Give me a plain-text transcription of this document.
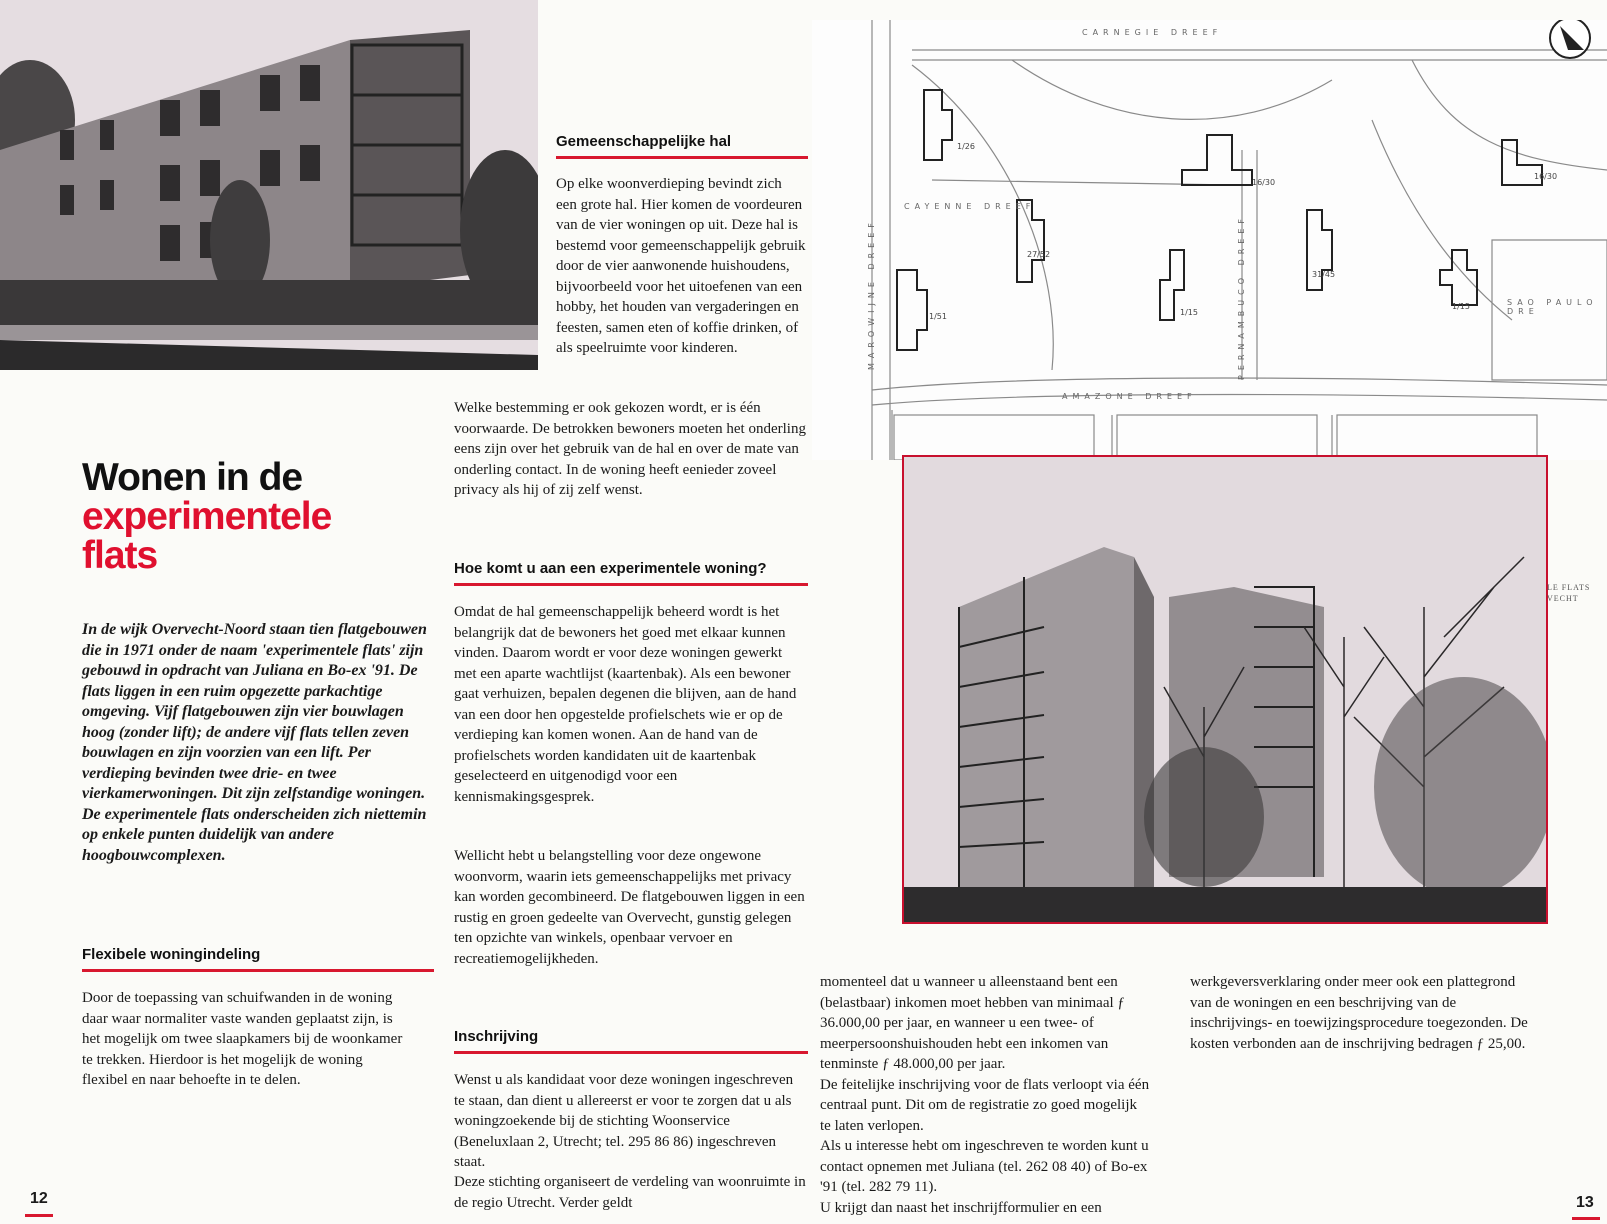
CARNEGIE DREEF
CAYENNE DREEF
MAROWIJNE DREEF	PERNAMBUCO DREEF
AMAZONE DREEF
SAO PAULO DRE
1/26
16/30
27/52
1/51	1/15
31/45
16/30
1/15
LE FLATS
VECHT
Wonen in de
experimentele
flats

In de wijk Overvecht-Noord staan tien flatgebouwen die in 1971 onder de naam 'experimentele flats' zijn gebouwd in opdracht van Juliana en Bo-ex '91. De flats liggen in een ruim opgezette parkachtige omgeving. Vijf flatgebouwen zijn vier bouwlagen hoog (zonder lift); de andere vijf flats tellen zeven bouwlagen en zijn voorzien van een lift. Per verdieping bevinden twee drie- en twee vierkamerwoningen. Dit zijn zelfstandige woningen. De experimentele flats onderscheiden zich niettemin op enkele punten duidelijk van andere hoogbouwcomplexen.

Flexibele woningindeling

Door de toepassing van schuifwanden in de woning daar waar normaliter vaste wanden geplaatst zijn, is het mogelijk om twee slaapkamers bij de woonkamer te trekken. Hierdoor is het mogelijk de woning flexibel en naar behoefte in te delen.

Gemeenschappelijke hal

Op elke woonverdieping bevindt zich een grote hal. Hier komen de voordeuren van de vier woningen op uit. Deze hal is bestemd voor gemeenschappelijk gebruik door de vier aanwonende huishoudens, bijvoorbeeld voor het uitoefenen van een hobby, het houden van vergaderingen en feesten, samen eten of koffie drinken, of als speelruimte voor kinderen.

Welke bestemming er ook gekozen wordt, er is één voorwaarde. De betrokken bewoners moeten het onderling eens zijn over het gebruik van de hal en over de mate van onderling contact. In de woning heeft eenieder zoveel privacy als hij of zij zelf wenst.

Hoe komt u aan een experimentele woning?

Omdat de hal gemeenschappelijk beheerd wordt is het belangrijk dat de bewoners het goed met elkaar kunnen vinden. Daarom wordt er voor deze woningen gewerkt met een aparte wachtlijst (kaartenbak). Als een bewoner gaat verhuizen, bepalen degenen die blijven, aan de hand van een door hen opgestelde profielschets wie er op de verdieping kan komen wonen. Aan de hand van de profielschets worden kandidaten uit de kaartenbak geselecteerd en uitgenodigd voor een kennismakingsgesprek.

Wellicht hebt u belangstelling voor deze ongewone woonvorm, waarin iets gemeenschappelijks met privacy kan worden gecombineerd. De flatgebouwen liggen in een rustig en groen gedeelte van Overvecht, gunstig gelegen ten opzichte van winkels, openbaar vervoer en recreatiemogelijkheden.

Inschrijving

Wenst u als kandidaat voor deze woningen ingeschreven te staan, dan dient u allereerst er voor te zorgen dat u als woningzoekende bij de stichting Woonservice (Beneluxlaan 2, Utrecht; tel. 295 86 86) ingeschreven staat.

Deze stichting organiseert de verdeling van woonruimte in de regio Utrecht. Verder geldt

momenteel dat u wanneer u alleenstaand bent een (belastbaar) inkomen moet hebben van minimaal ƒ 36.000,00 per jaar, en wanneer u een twee- of meerpersoonshuishouden hebt een inkomen van tenminste ƒ 48.000,00 per jaar.

De feitelijke inschrijving voor de flats verloopt via één centraal punt. Dit om de registratie zo goed mogelijk te laten verlopen.

Als u interesse hebt om ingeschreven te worden kunt u contact opnemen met Juliana (tel. 262 08 40) of Bo-ex '91 (tel. 282 79 11).

U krijgt dan naast het inschrijfformulier en een

werkgeversverklaring onder meer ook een plattegrond van de woningen en een beschrijving van de inschrijvings- en toewijzingsprocedure toegezonden. De kosten verbonden aan de inschrijving bedragen ƒ 25,00.

12	13
